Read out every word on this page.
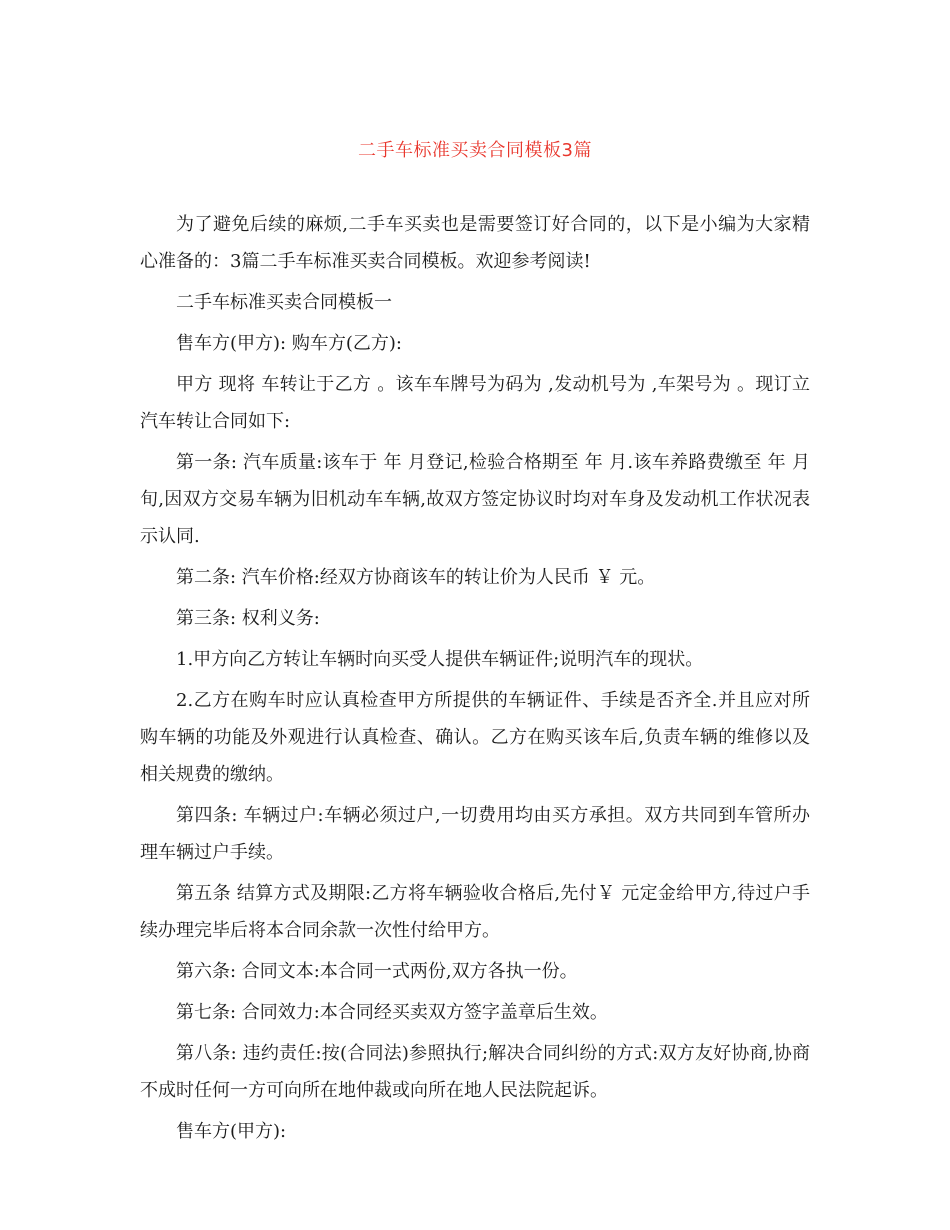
二手车标准买卖合同模板3篇

为了避免后续的麻烦,二手车买卖也是需要签订好合同的，以下是小编为大家精心准备的：3篇二手车标准买卖合同模板。欢迎参考阅读!

二手车标准买卖合同模板一

售车方(甲方): 购车方(乙方):

甲方 现将 车转让于乙方 。该车车牌号为码为 ,发动机号为 ,车架号为 。现订立汽车转让合同如下:

第一条: 汽车质量:该车于 年 月登记,检验合格期至 年 月.该车养路费缴至 年 月 旬,因双方交易车辆为旧机动车车辆,故双方签定协议时均对车身及发动机工作状况表示认同.

第二条: 汽车价格:经双方协商该车的转让价为人民币 ￥ 元。

第三条: 权利义务:

1.甲方向乙方转让车辆时向买受人提供车辆证件;说明汽车的现状。

2.乙方在购车时应认真检查甲方所提供的车辆证件、手续是否齐全.并且应对所购车辆的功能及外观进行认真检查、确认。乙方在购买该车后,负责车辆的维修以及相关规费的缴纳。

第四条: 车辆过户:车辆必须过户,一切费用均由买方承担。双方共同到车管所办理车辆过户手续。

第五条 结算方式及期限:乙方将车辆验收合格后,先付￥ 元定金给甲方,待过户手续办理完毕后将本合同余款一次性付给甲方。

第六条: 合同文本:本合同一式两份,双方各执一份。

第七条: 合同效力:本合同经买卖双方签字盖章后生效。

第八条: 违约责任:按(合同法)参照执行;解决合同纠纷的方式:双方友好协商,协商不成时任何一方可向所在地仲裁或向所在地人民法院起诉。

售车方(甲方):
